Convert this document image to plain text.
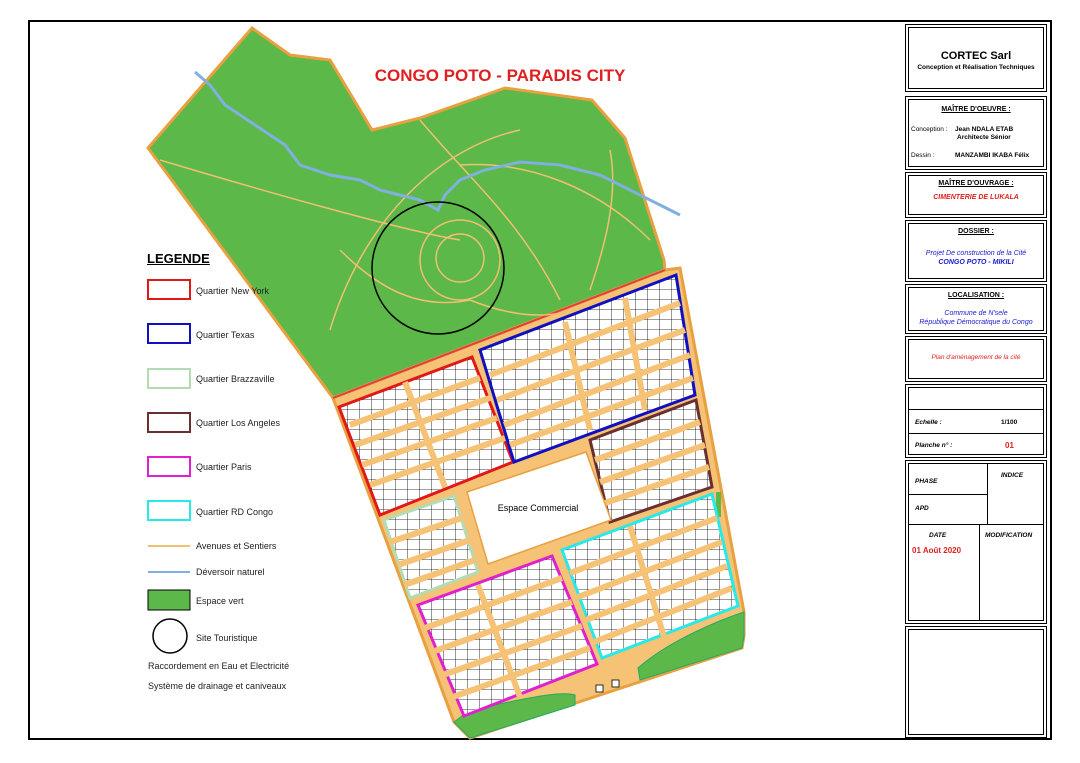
CONGO POTO - PARADIS CITY
Espace Commercial
LEGENDE
Quartier New York
Quartier Texas
Quartier Brazzaville
Quartier Los Angeles
Quartier Paris
Quartier RD Congo
Avenues et Sentiers
Déversoir naturel
Espace vert
Site Touristique
Raccordement en Eau et Electricité
Système de drainage et caniveaux
CORTEC Sarl
Conception et Réalisation Techniques
MAÎTRE D'OEUVRE :
Conception : Jean NDALA ETAB
Architecte Sénior
Dessin :	MANZAMBI IKABA Félix
MAÎTRE D'OUVRAGE :
CIMENTERIE DE LUKALA
DOSSIER :
Projet De construction de la Cité
CONGO POTO - MIKILI
LOCALISATION :
Commune de N'sele
République Démocratique du Congo
Plan d'aménagement de la cité
Echelle :	1/100
Planche n° :	01
PHASE
INDICE
APD
DATE	MODIFICATION
01 Août 2020
